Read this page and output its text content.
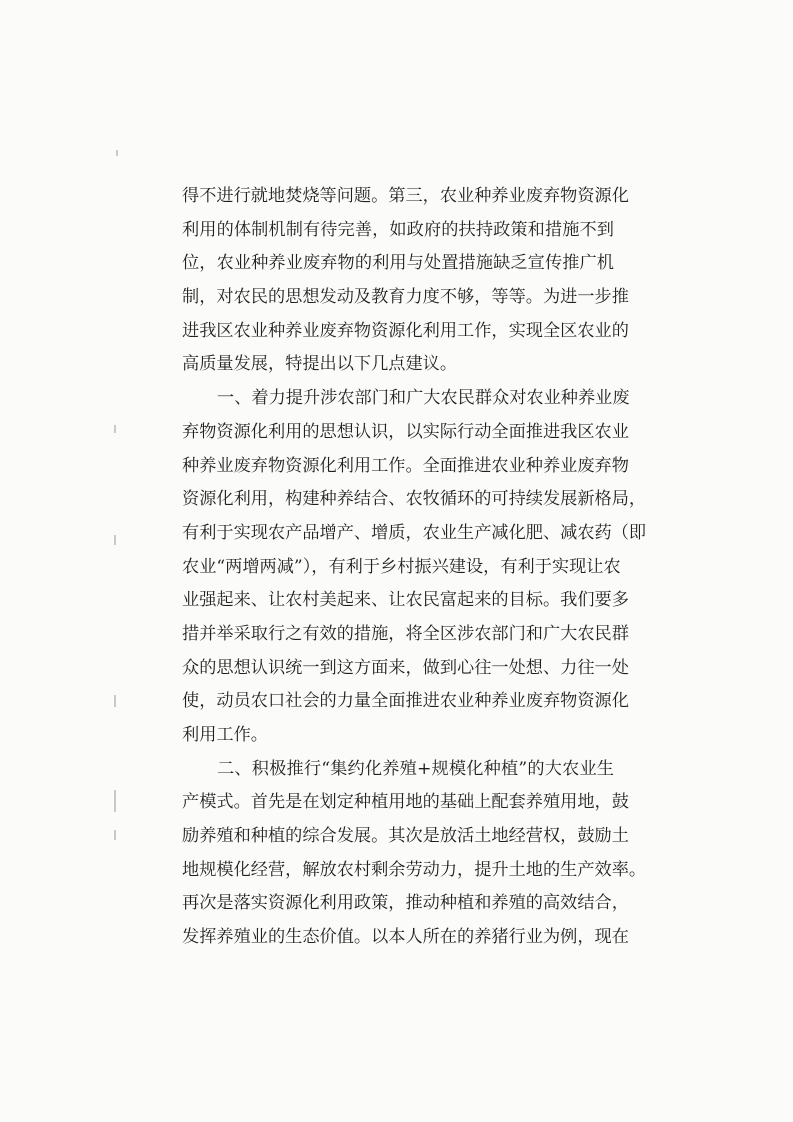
得不进行就地焚烧等问题。第三，农业种养业废弃物资源化
利用的体制机制有待完善，如政府的扶持政策和措施不到
位，农业种养业废弃物的利用与处置措施缺乏宣传推广机
制，对农民的思想发动及教育力度不够，等等。为进一步推
进我区农业种养业废弃物资源化利用工作，实现全区农业的
高质量发展，特提出以下几点建议。
一、着力提升涉农部门和广大农民群众对农业种养业废
弃物资源化利用的思想认识，以实际行动全面推进我区农业
种养业废弃物资源化利用工作。全面推进农业种养业废弃物
资源化利用，构建种养结合、农牧循环的可持续发展新格局，
有利于实现农产品增产、增质，农业生产减化肥、减农药（即
农业“两增两减”），有利于乡村振兴建设，有利于实现让农
业强起来、让农村美起来、让农民富起来的目标。我们要多
措并举采取行之有效的措施，将全区涉农部门和广大农民群
众的思想认识统一到这方面来，做到心往一处想、力往一处
使，动员农口社会的力量全面推进农业种养业废弃物资源化
利用工作。
二、积极推行“集约化养殖+规模化种植”的大农业生
产模式。首先是在划定种植用地的基础上配套养殖用地，鼓
励养殖和种植的综合发展。其次是放活土地经营权，鼓励土
地规模化经营，解放农村剩余劳动力，提升土地的生产效率。
再次是落实资源化利用政策，推动种植和养殖的高效结合，
发挥养殖业的生态价值。以本人所在的养猪行业为例，现在
